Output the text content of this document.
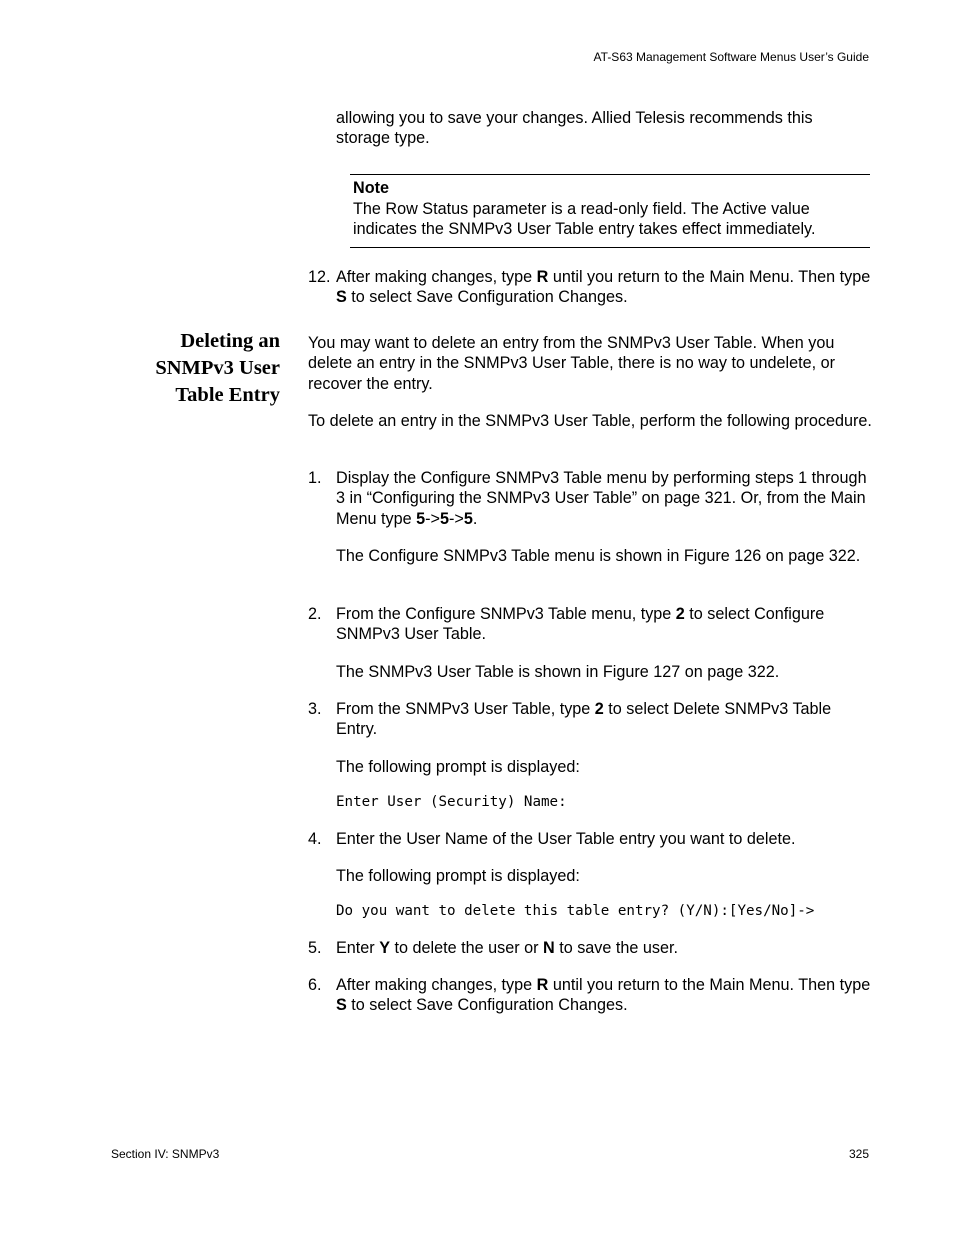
AT-S63 Management Software Menus User’s Guide
allowing you to save your changes. Allied Telesis recommends this storage type.
Note
The Row Status parameter is a read-only field. The Active value indicates the SNMPv3 User Table entry takes effect immediately.
12. After making changes, type R until you return to the Main Menu. Then type S to select Save Configuration Changes.
Deleting an
SNMPv3 User
Table Entry
You may want to delete an entry from the SNMPv3 User Table. When you delete an entry in the SNMPv3 User Table, there is no way to undelete, or recover the entry.
To delete an entry in the SNMPv3 User Table, perform the following procedure.
1. Display the Configure SNMPv3 Table menu by performing steps 1 through 3 in “Configuring the SNMPv3 User Table” on page 321. Or, from the Main Menu type 5->5->5.
The Configure SNMPv3 Table menu is shown in Figure 126 on page 322.
2. From the Configure SNMPv3 Table menu, type 2 to select Configure SNMPv3 User Table.
The SNMPv3 User Table is shown in Figure 127 on page 322.
3. From the SNMPv3 User Table, type 2 to select Delete SNMPv3 Table Entry.
The following prompt is displayed:
Enter User (Security) Name:
4. Enter the User Name of the User Table entry you want to delete.
The following prompt is displayed:
Do you want to delete this table entry? (Y/N):[Yes/No]->
5. Enter Y to delete the user or N to save the user.
6. After making changes, type R until you return to the Main Menu. Then type S to select Save Configuration Changes.
Section IV: SNMPv3	325
